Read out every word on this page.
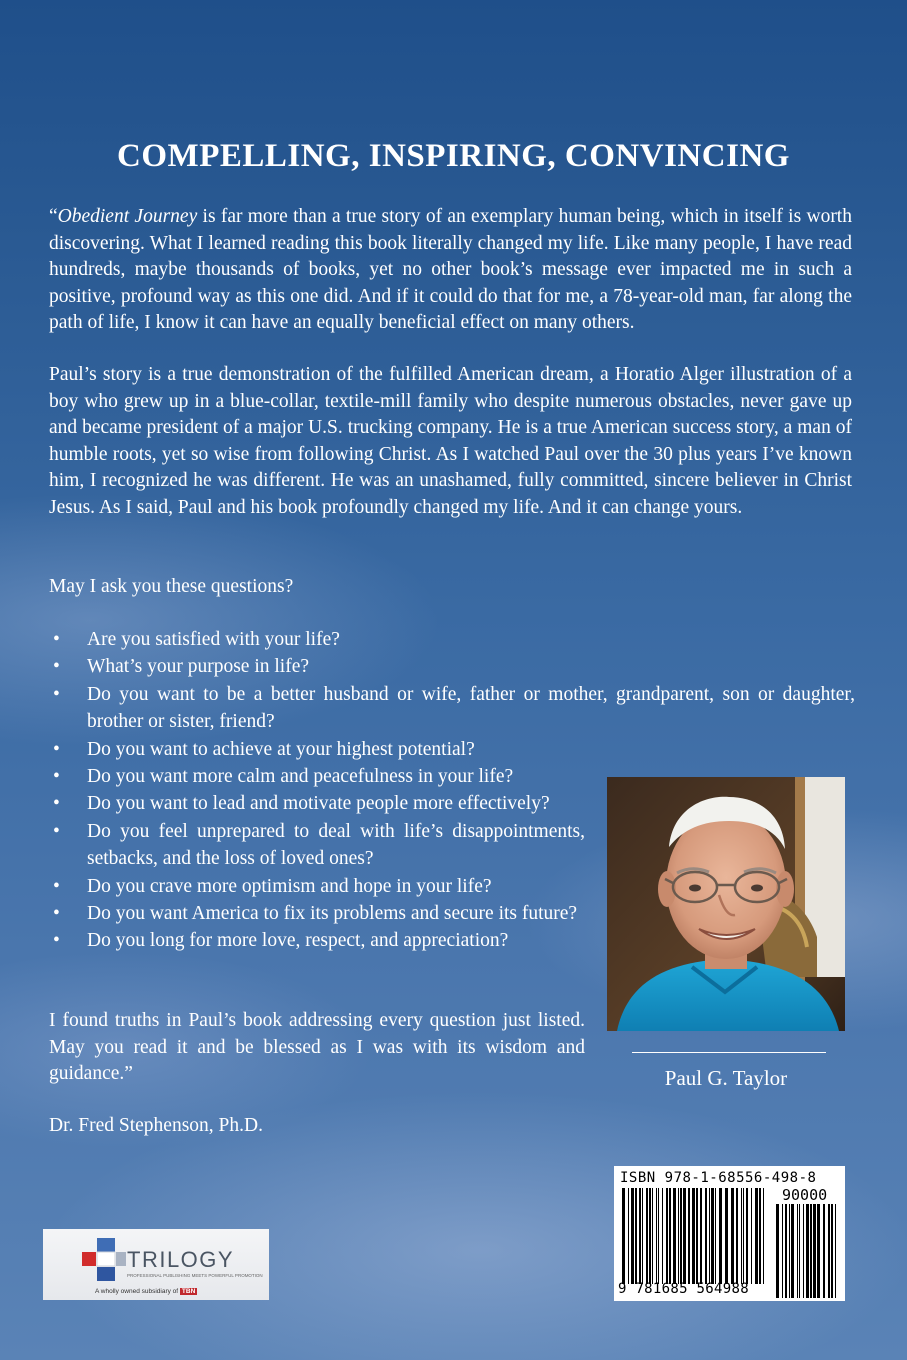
COMPELLING, INSPIRING, CONVINCING
“Obedient Journey is far more than a true story of an exemplary human being, which in itself is worth discovering. What I learned reading this book literally changed my life. Like many people, I have read hundreds, maybe thousands of books, yet no other book’s message ever impacted me in such a positive, profound way as this one did. And if it could do that for me, a 78-year-old man, far along the path of life, I know it can have an equally beneficial effect on many others.
Paul’s story is a true demonstration of the fulfilled American dream, a Horatio Alger illustration of a boy who grew up in a blue-collar, textile-mill family who despite numerous obstacles, never gave up and became president of a major U.S. trucking company. He is a true American success story, a man of humble roots, yet so wise from following Christ. As I watched Paul over the 30 plus years I’ve known him, I recognized he was different. He was an unashamed, fully committed, sincere believer in Christ Jesus. As I said, Paul and his book profoundly changed my life. And it can change yours.
May I ask you these questions?
• Are you satisfied with your life?
• What’s your purpose in life?
• Do you want to be a better husband or wife, father or mother, grandparent, son or daughter, brother or sister, friend?
• Do you want to achieve at your highest potential?
• Do you want more calm and peacefulness in your life?
• Do you want to lead and motivate people more effectively?
• Do you feel unprepared to deal with life’s disappointments, setbacks, and the loss of loved ones?
• Do you crave more optimism and hope in your life?
• Do you want America to fix its problems and secure its future?
• Do you long for more love, respect, and appreciation?
I found truths in Paul’s book addressing every question just listed. May you read it and be blessed as I was with its wisdom and guidance.”
Dr. Fred Stephenson, Ph.D.
Paul G. Taylor
ISBN 978-1-68556-498-8
90000
9 781685 564988
TRILOGY
PROFESSIONAL PUBLISHING MEETS POWERFUL PROMOTION
A wholly owned subsidiary of TBN
